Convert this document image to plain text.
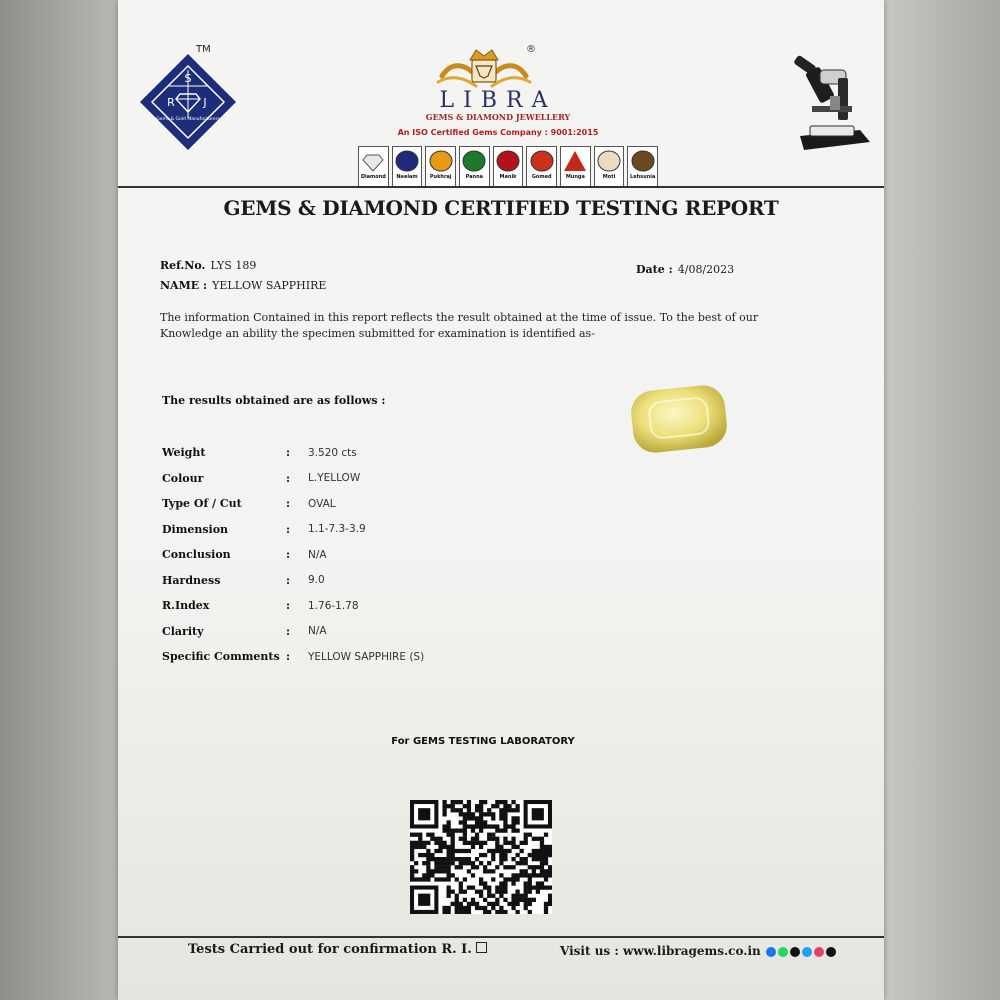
TM
S
R	J
Gems & Gold Manufacturers
®
LIBRA
GEMS & DIAMOND JEWELLERY
An ISO Certified Gems Company : 9001:2015
Diamond Neelam Pukhraj	Panna	Manik	Gomed	Munga	Moti	Lehsunia
GEMS & DIAMOND CERTIFIED TESTING REPORT
Ref.No. LYS 189
NAME : YELLOW SAPPHIRE
Date : 4/08/2023
The information Contained in this report reflects the result obtained at the time of issue. To the best of our Knowledge an ability the specimen submitted for examination is identified as-
The results obtained are as follows :
Weight	:	3.520 cts
Colour	:	L.YELLOW
Type Of / Cut	:	OVAL
Dimension	:	1.1-7.3-3.9
Conclusion	:	N/A
Hardness	:	9.0
R.Index	:	1.76-1.78
Clarity	:	N/A
Specific Comments	:	YELLOW SAPPHIRE (S)
For GEMS TESTING LABORATORY
Tests Carried out for confirmation R. I.	Visit us : www.libragems.co.in
